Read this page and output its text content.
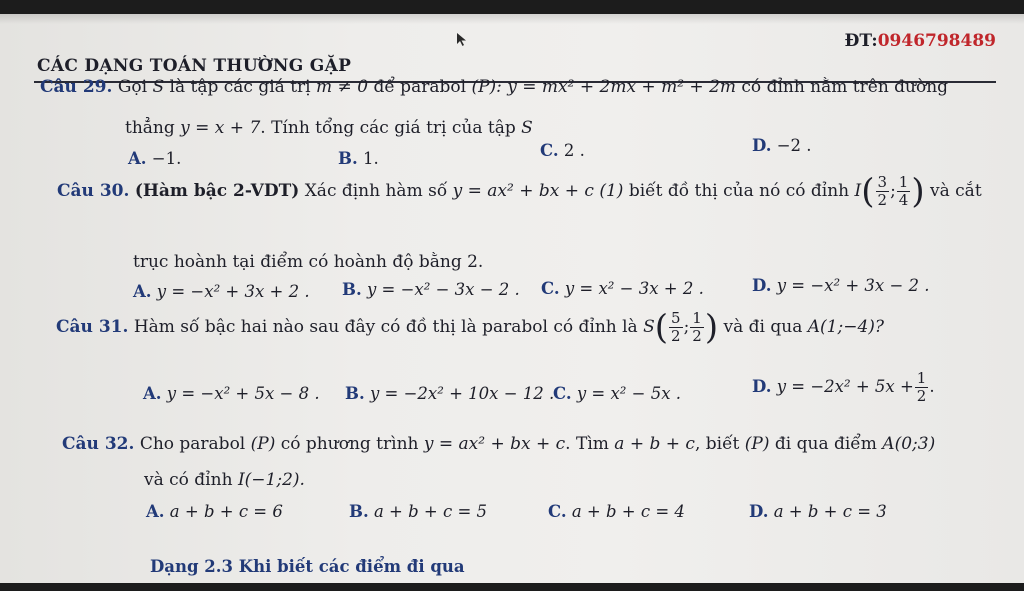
CÁC DẠNG TOÁN THƯỜNG GẶP
ĐT:0946798489
Câu 29. Gọi S là tập các giá trị m ≠ 0 để parabol (P): y = mx² + 2mx + m² + 2m có đỉnh nằm trên đường
thẳng y = x + 7. Tính tổng các giá trị của tập S
A. −1.	B. 1.	C. 2 .	D. −2 .
Câu 30. (Hàm bậc 2-VDT) Xác định hàm số y = ax² + bx + c (1) biết đồ thị của nó có đỉnh $I( \frac{3}{2}$ ; $\frac{1}{4}$ ) và cắt
trục hoành tại điểm có hoành độ bằng 2.
A. y = −x² + 3x + 2 . B. y = −x² − 3x − 2 . C. y = x² − 3x + 2 .	D. y = −x² + 3x − 2 .
Câu 31. Hàm số bậc hai nào sau đây có đồ thị là parabol có đỉnh là $S( \frac{5}{2}$ ; $\frac{1}{2}$ ) và đi qua A(1;−4)?
A. y = −x² + 5x − 8 . B. y = −2x² + 10x − 12 .
C. y = x² − 5x .	D. $y = -2x^2 + 5x + \frac{1}{2}$ .
Câu 32. Cho parabol (P) có phương trình y = ax² + bx + c. Tìm a + b + c, biết (P) đi qua điểm A(0;3)
và có đỉnh I(−1;2).
A. a + b + c = 6	B. a + b + c = 5	C. a + b + c = 4	D. a + b + c = 3
Dạng 2.3 Khi biết các điểm đi qua
